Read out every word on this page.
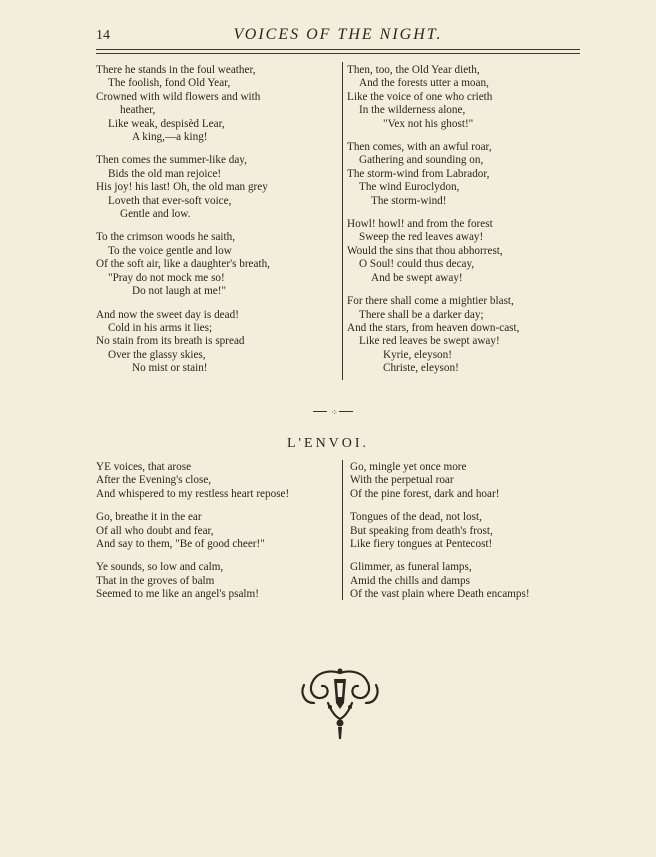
14	VOICES OF THE NIGHT.
There he stands in the foul weather,
The foolish, fond Old Year,
Crowned with wild flowers and with
heather,
Like weak, despisèd Lear,
A king,—a king!
Then comes the summer-like day,
Bids the old man rejoice!
His joy! his last! Oh, the old man grey
Loveth that ever-soft voice,
Gentle and low.
To the crimson woods he saith,
To the voice gentle and low
Of the soft air, like a daughter's breath,
"Pray do not mock me so!
Do not laugh at me!"
And now the sweet day is dead!
Cold in his arms it lies;
No stain from its breath is spread
Over the glassy skies,
No mist or stain!
Then, too, the Old Year dieth,
And the forests utter a moan,
Like the voice of one who crieth
In the wilderness alone,
"Vex not his ghost!"
Then comes, with an awful roar,
Gathering and sounding on,
The storm-wind from Labrador,
The wind Euroclydon,
The storm-wind!
Howl! howl! and from the forest
Sweep the red leaves away!
Would the sins that thou abhorrest,
O Soul! could thus decay,
And be swept away!
For there shall come a mightier blast,
There shall be a darker day;
And the stars, from heaven down-cast,
Like red leaves be swept away!
Kyrie, eleyson!
Christe, eleyson!
⁘
L'ENVOI.
YE voices, that arose
After the Evening's close,
And whispered to my restless heart repose!
Go, breathe it in the ear
Of all who doubt and fear,
And say to them, "Be of good cheer!"
Ye sounds, so low and calm,
That in the groves of balm
Seemed to me like an angel's psalm!
Go, mingle yet once more
With the perpetual roar
Of the pine forest, dark and hoar!
Tongues of the dead, not lost,
But speaking from death's frost,
Like fiery tongues at Pentecost!
Glimmer, as funeral lamps,
Amid the chills and damps
Of the vast plain where Death encamps!
